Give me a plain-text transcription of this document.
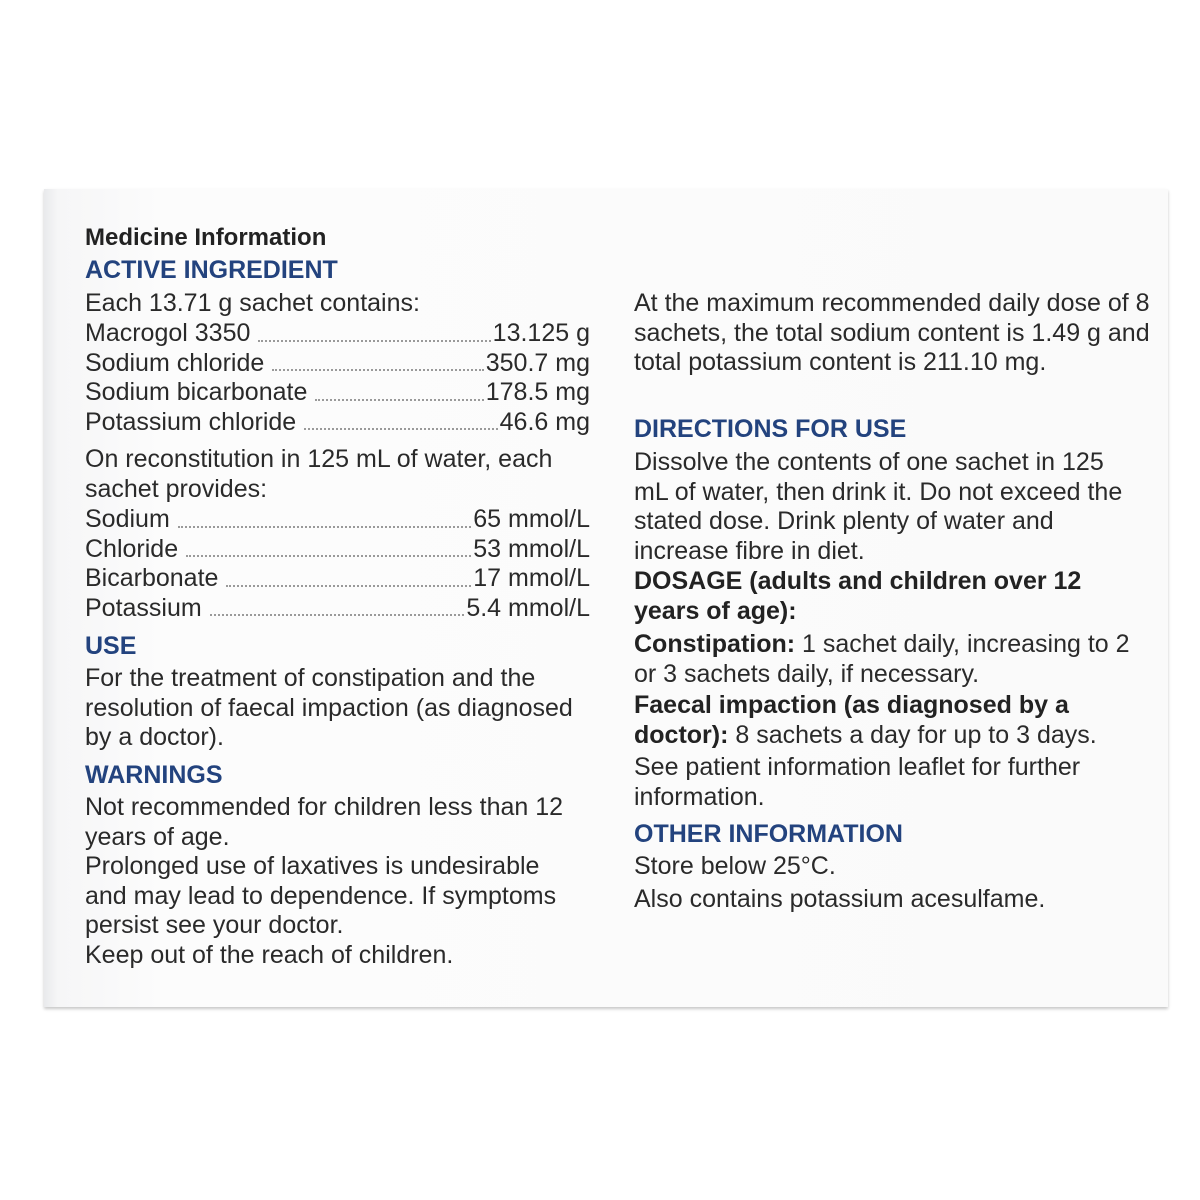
Medicine Information
ACTIVE INGREDIENT
Each 13.71 g sachet contains:
Macrogol 3350	13.125 g
Sodium chloride	350.7 mg
Sodium bicarbonate	178.5 mg
Potassium chloride	46.6 mg
On reconstitution in 125 mL of water, each sachet provides:
Sodium	65 mmol/L
Chloride	53 mmol/L
Bicarbonate	17 mmol/L
Potassium	5.4 mmol/L
USE
For the treatment of constipation and the resolution of faecal impaction (as diagnosed by a doctor).
WARNINGS

Not recommended for children less than 12 years of age.

Prolonged use of laxatives is undesirable and may lead to dependence. If symptoms persist see your doctor.

Keep out of the reach of children.

At the maximum recommended daily dose of 8 sachets, the total sodium content is 1.49 g and total potassium content is 211.10 mg.
DIRECTIONS FOR USE
Dissolve the contents of one sachet in 125 mL of water, then drink it. Do not exceed the stated dose. Drink plenty of water and increase fibre in diet.
DOSAGE (adults and children over 12 years of age):
Constipation: 1 sachet daily, increasing to 2 or 3 sachets daily, if necessary.
Faecal impaction (as diagnosed by a doctor): 8 sachets a day for up to 3 days.
See patient information leaflet for further information.
OTHER INFORMATION

Store below 25°C.

Also contains potassium acesulfame.
